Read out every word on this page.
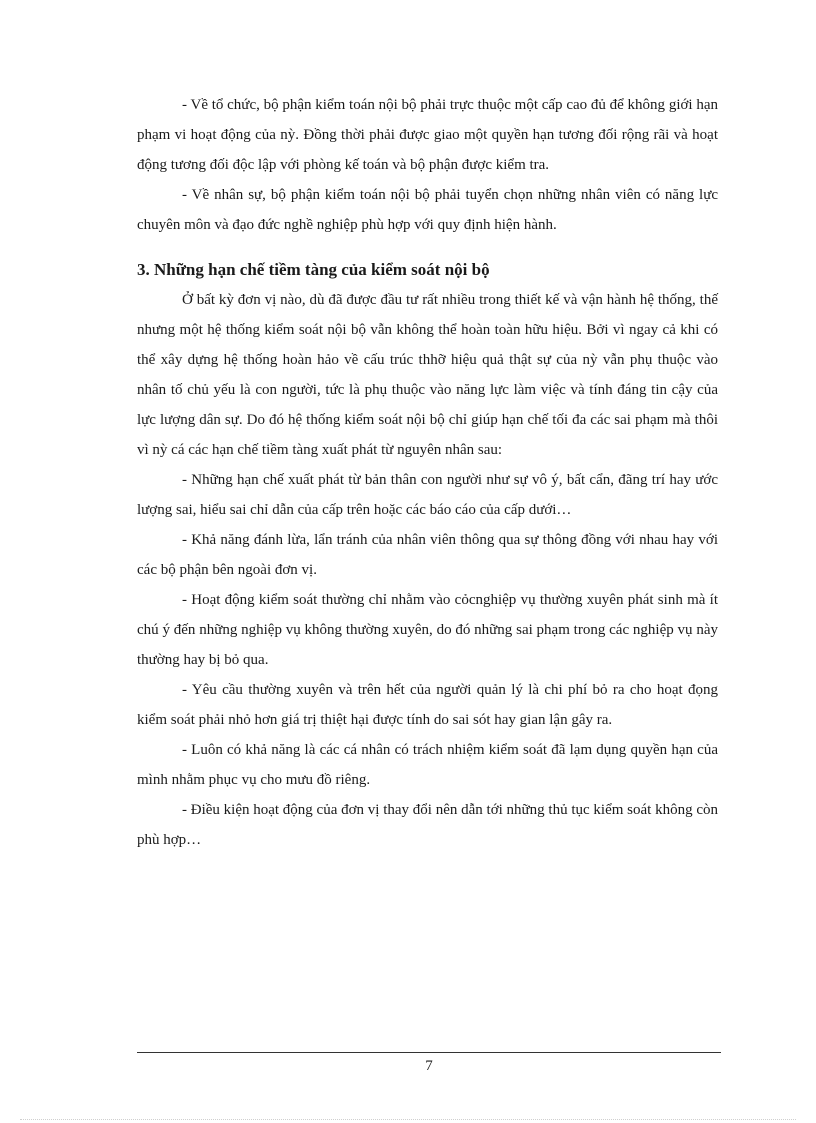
- Về tổ chức, bộ phận kiểm toán nội bộ phải trực thuộc một cấp cao đủ để không giới hạn phạm vi hoạt động của nỳ. Đồng thời phải được giao một quyền hạn tương đối rộng rãi và hoạt động tương đối độc lập với phòng kế toán và bộ phận được kiểm tra.

- Về nhân sự, bộ phận kiểm toán nội bộ phải tuyển chọn những nhân viên có năng lực chuyên môn và đạo đức nghề nghiệp phù hợp với quy định hiện hành.

3. Những hạn chế tiềm tàng của kiểm soát nội bộ

Ở bất kỳ đơn vị nào, dù đã được đầu tư rất nhiều trong thiết kế và vận hành hệ thống, thế nhưng một hệ thống kiểm soát nội bộ vẫn không thể hoàn toàn hữu hiệu. Bởi vì ngay cả khi có thể xây dựng hệ thống hoàn hảo về cấu trúc thhỡ hiệu quả thật sự của nỳ vẫn phụ thuộc vào nhân tố chủ yếu là con người, tức là phụ thuộc vào năng lực làm việc và tính đáng tin cậy của lực lượng dân sự. Do đó hệ thống kiểm soát nội bộ chỉ giúp hạn chế tối đa các sai phạm mà thôi vì nỳ cá các hạn chế tiềm tàng xuất phát từ nguyên nhân sau:

- Những hạn chế xuất phát từ bản thân con người như sự vô ý, bất cẩn, đãng trí hay ước lượng sai, hiểu sai chỉ dẫn của cấp trên hoặc các báo cáo của cấp dưới…

- Khả năng đánh lừa, lẩn tránh của nhân viên thông qua sự thông đồng với nhau hay với các bộ phận bên ngoài đơn vị.

- Hoạt động kiểm soát thường chỉ nhằm vào cỏcnghiệp vụ thường xuyên phát sinh mà ít chú ý đến những nghiệp vụ không thường xuyên, do đó những sai phạm trong các nghiệp vụ này thường hay bị bỏ qua.

- Yêu cầu thường xuyên và trên hết của người quản lý là chi phí bỏ ra cho hoạt đọng kiểm soát phải nhỏ hơn giá trị thiệt hại được tính do sai sót hay gian lận gây ra.

- Luôn có khả năng là các cá nhân có trách nhiệm kiểm soát đã lạm dụng quyền hạn của mình nhằm phục vụ cho mưu đồ riêng.

- Điều kiện hoạt động của đơn vị thay đổi nên dẫn tới những thủ tục kiểm soát không còn phù hợp…

7
